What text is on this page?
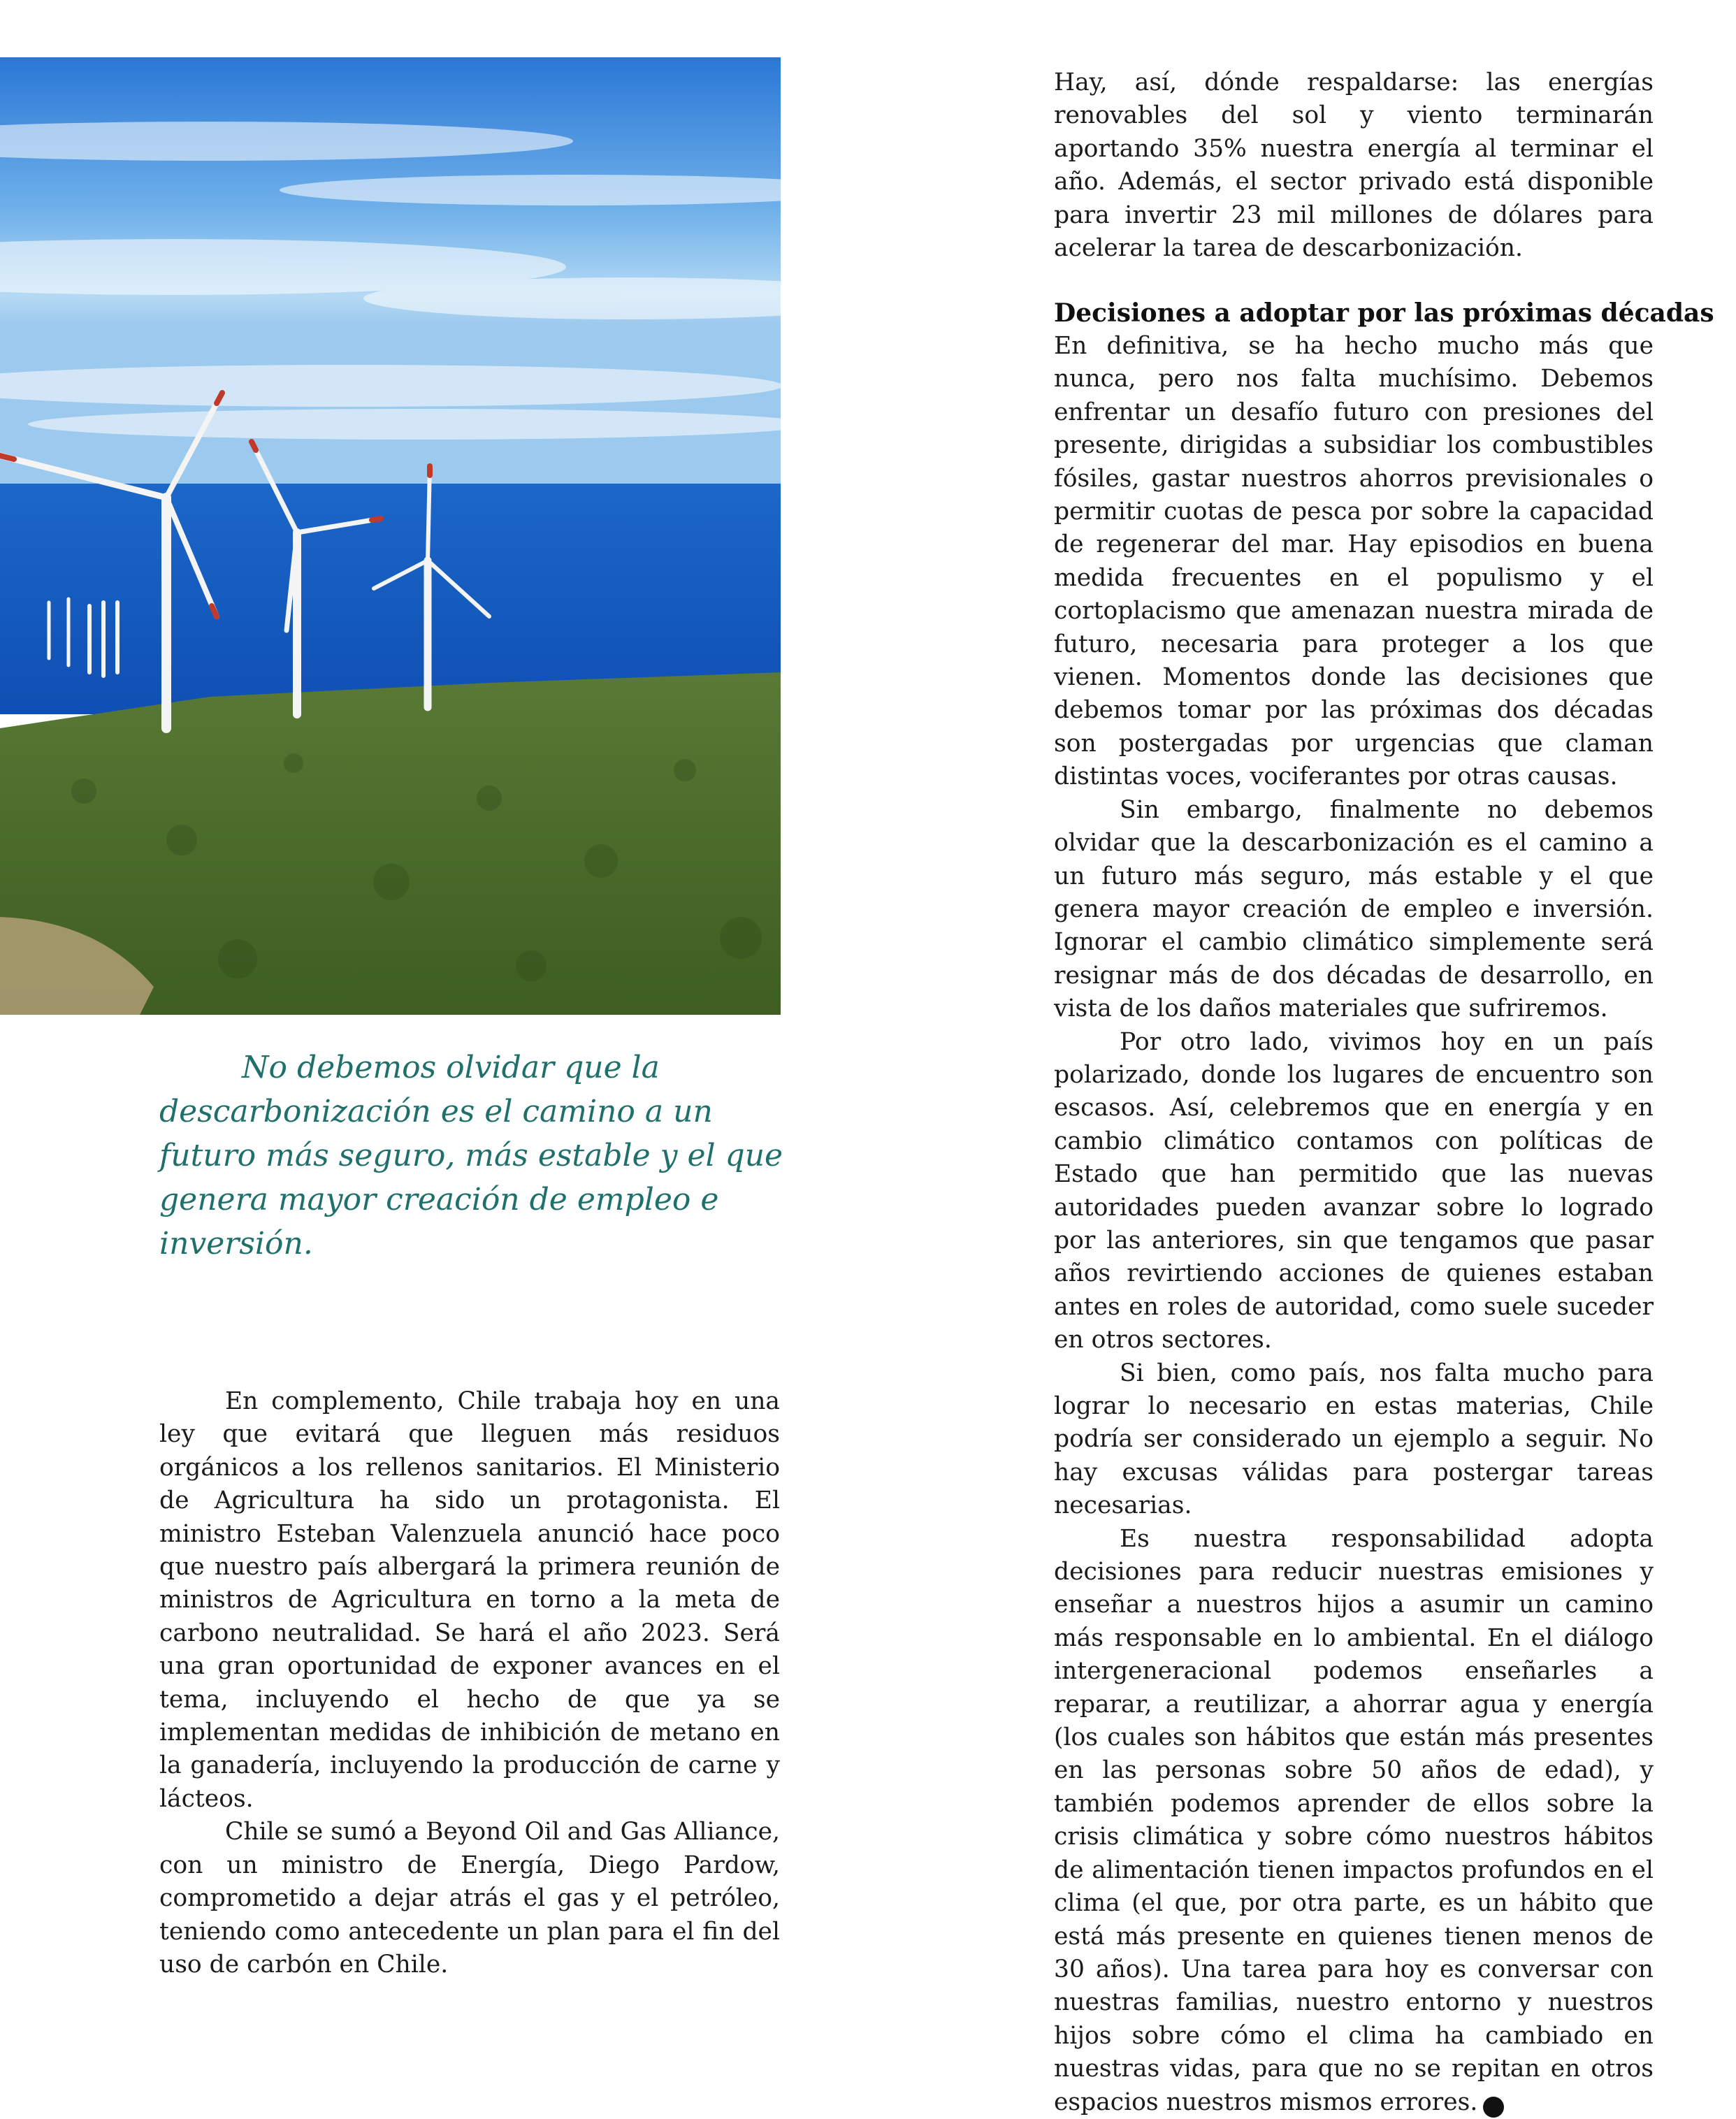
No debemos olvidar que la descarbonización es el camino a un futuro más seguro, más estable y el que genera mayor creación de empleo e inversión.

En complemento, Chile trabaja hoy en una ley que evitará que lleguen más residuos orgánicos a los rellenos sanitarios. El Ministerio de Agricultura ha sido un protagonista. El ministro Esteban Valenzuela anunció hace poco que nuestro país albergará la primera reunión de ministros de Agricultura en torno a la meta de carbono neutralidad. Se hará el año 2023. Será una gran oportunidad de exponer avances en el tema, incluyendo el hecho de que ya se implementan medidas de inhibición de metano en la ganadería, incluyendo la producción de carne y lácteos.

Chile se sumó a Beyond Oil and Gas Alliance, con un ministro de Energía, Diego Pardow, comprometido a dejar atrás el gas y el petróleo, teniendo como antecedente un plan para el fin del uso de carbón en Chile.

Hay, así, dónde respaldarse: las energías renovables del sol y viento terminarán aportando 35% nuestra energía al terminar el año. Además, el sector privado está disponible para invertir 23 mil millones de dólares para acelerar la tarea de descarbonización.

Decisiones a adoptar por las próximas décadas

En definitiva, se ha hecho mucho más que nunca, pero nos falta muchísimo. Debemos enfrentar un desafío futuro con presiones del presente, dirigidas a subsidiar los combustibles fósiles, gastar nuestros ahorros previsionales o permitir cuotas de pesca por sobre la capacidad de regenerar del mar. Hay episodios en buena medida frecuentes en el populismo y el cortoplacismo que amenazan nuestra mirada de futuro, necesaria para proteger a los que vienen. Momentos donde las decisiones que debemos tomar por las próximas dos décadas son postergadas por urgencias que claman distintas voces, vociferantes por otras causas.

Sin embargo, finalmente no debemos olvidar que la descarbonización es el camino a un futuro más seguro, más estable y el que genera mayor creación de empleo e inversión. Ignorar el cambio climático simplemente será resignar más de dos décadas de desarrollo, en vista de los daños materiales que sufriremos.

Por otro lado, vivimos hoy en un país polarizado, donde los lugares de encuentro son escasos. Así, celebremos que en energía y en cambio climático contamos con políticas de Estado que han permitido que las nuevas autoridades pueden avanzar sobre lo logrado por las anteriores, sin que tengamos que pasar años revirtiendo acciones de quienes estaban antes en roles de autoridad, como suele suceder en otros sectores.

Si bien, como país, nos falta mucho para lograr lo necesario en estas materias, Chile podría ser considerado un ejemplo a seguir. No hay excusas válidas para postergar tareas necesarias.

Es nuestra responsabilidad adopta decisiones para reducir nuestras emisiones y enseñar a nuestros hijos a asumir un camino más responsable en lo ambiental. En el diálogo intergeneracional podemos enseñarles a reparar, a reutilizar, a ahorrar agua y energía (los cuales son hábitos que están más presentes en las personas sobre 50 años de edad), y también podemos aprender de ellos sobre la crisis climática y sobre cómo nuestros hábitos de alimentación tienen impactos profundos en el clima (el que, por otra parte, es un hábito que está más presente en quienes tienen menos de 30 años). Una tarea para hoy es conversar con nuestras familias, nuestro entorno y nuestros hijos sobre cómo el clima ha cambiado en nuestras vidas, para que no se repitan en otros espacios nuestros mismos errores.	M
